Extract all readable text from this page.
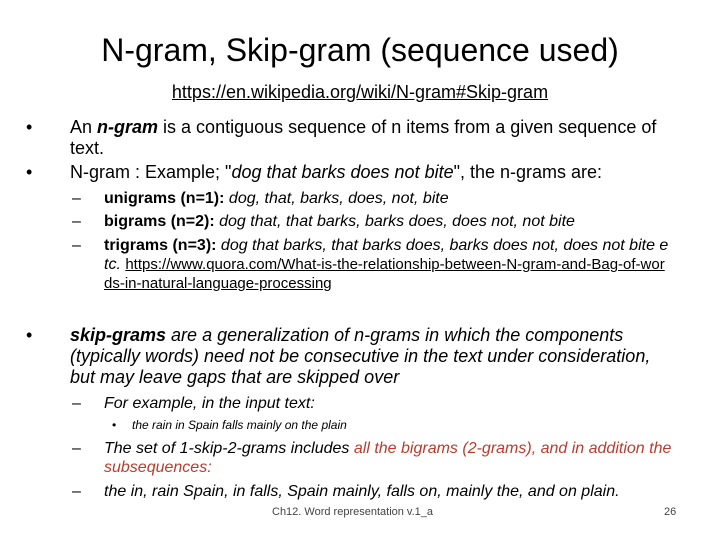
N-gram, Skip-gram (sequence used)
https://en.wikipedia.org/wiki/N-gram#Skip-gram
•	An n-gram is a contiguous sequence of n items from a given sequence of text.
•	N-gram : Example; "dog that barks does not bite", the n-grams are:
–	unigrams (n=1): dog, that, barks, does, not, bite
–	bigrams (n=2): dog that, that barks, barks does, does not, not bite
–	trigrams (n=3): dog that barks, that barks does, barks does not, does not bite etc. https://www.quora.com/What-is-the-relationship-between-N-gram-and-Bag-of-words-in-natural-language-processing
•	skip-grams are a generalization of n-grams in which the components (typically words) need not be consecutive in the text under consideration, but may leave gaps that are skipped over
–	For example, in the input text:
•	the rain in Spain falls mainly on the plain
–	The set of 1-skip-2-grams includes all the bigrams (2-grams), and in addition the subsequences:
–	the in, rain Spain, in falls, Spain mainly, falls on, mainly the, and on plain.
Ch12. Word representation v.1_a	26
